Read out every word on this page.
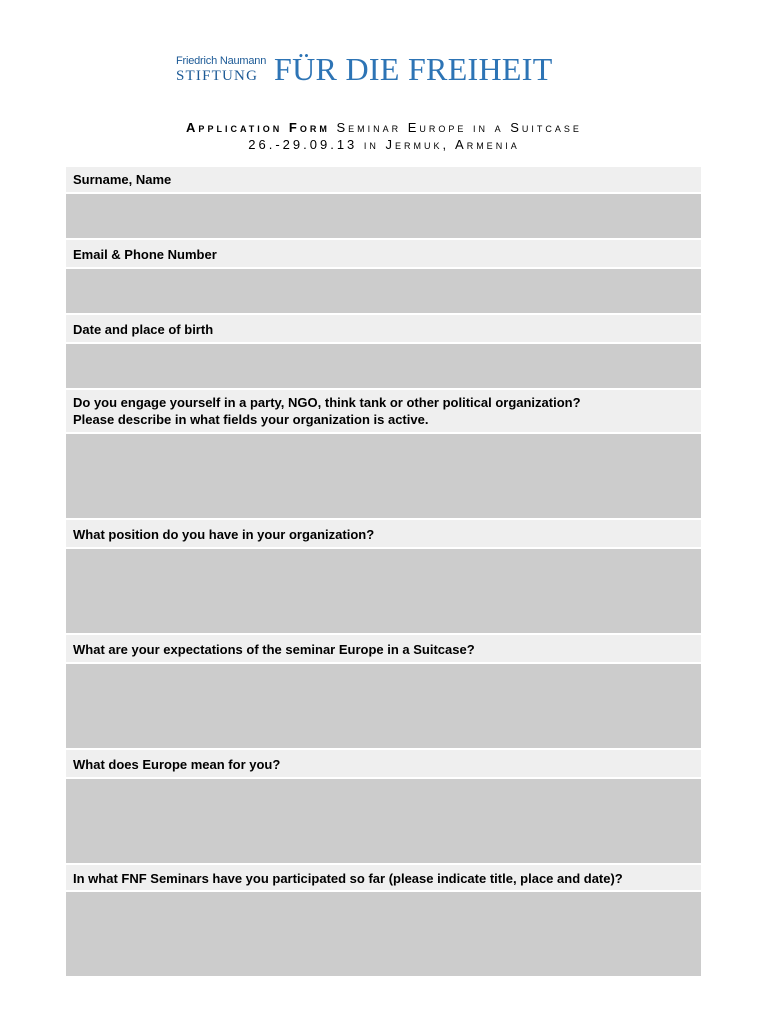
Friedrich Naumann
STIFTUNG FÜR DIE FREIHEIT
Application Form Seminar Europe in a Suitcase
26.-29.09.13 in Jermuk, Armenia
Surname, Name
Email & Phone Number
Date and place of birth
Do you engage yourself in a party, NGO, think tank or other political organization?
Please describe in what fields your organization is active.
What position do you have in your organization?
What are your expectations of the seminar Europe in a Suitcase?
What does Europe mean for you?
In what FNF Seminars have you participated so far (please indicate title, place and date)?
